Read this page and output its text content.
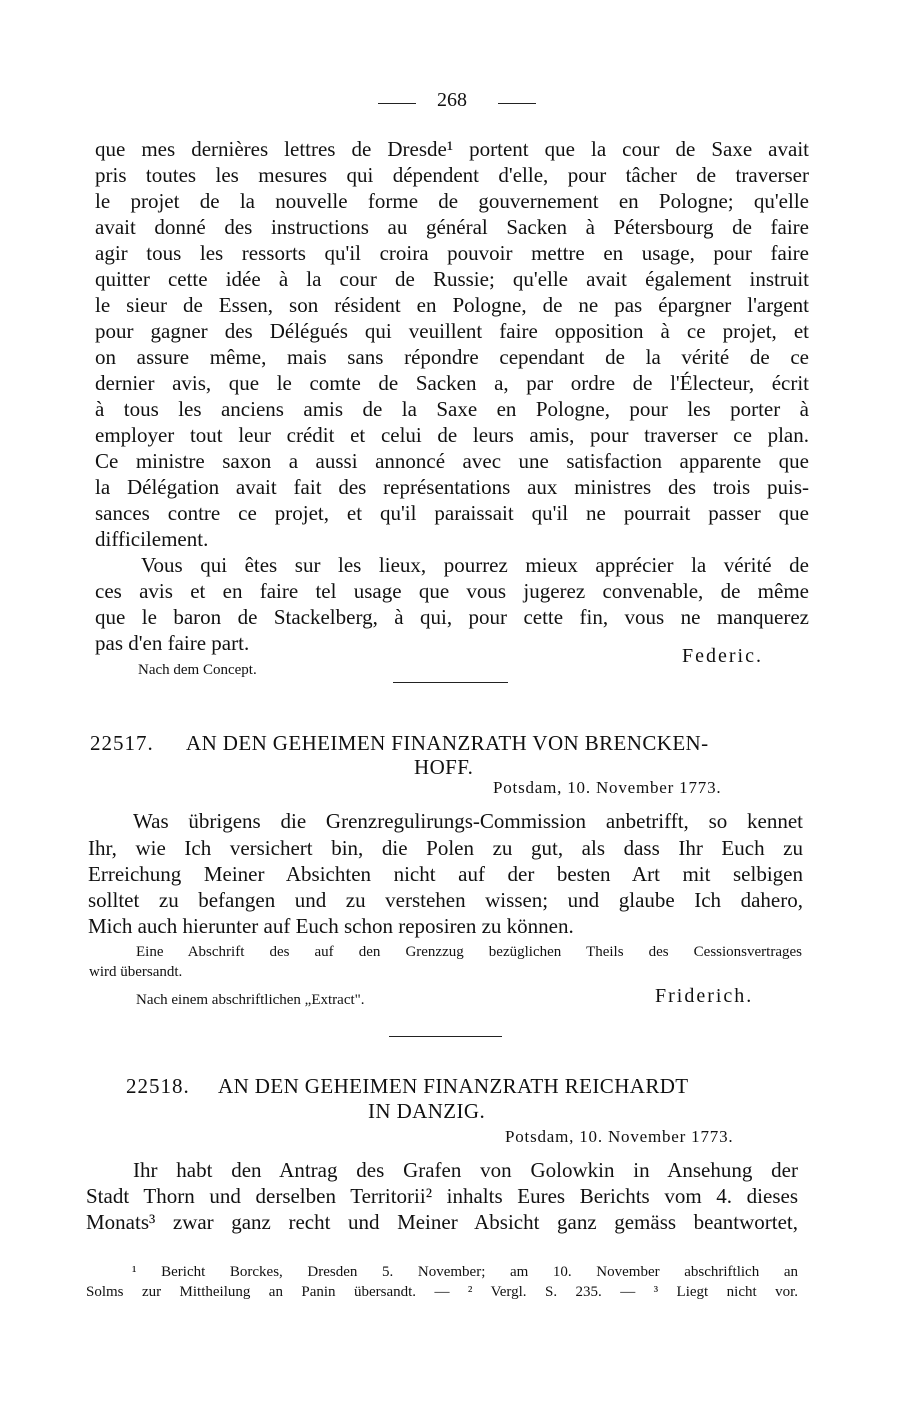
268
que mes dernières lettres de Dresde¹ portent que la cour de Saxe avait
pris toutes les mesures qui dépendent d'elle, pour tâcher de traverser
le projet de la nouvelle forme de gouvernement en Pologne; qu'elle
avait donné des instructions au général Sacken à Pétersbourg de faire
agir tous les ressorts qu'il croira pouvoir mettre en usage, pour faire
quitter cette idée à la cour de Russie; qu'elle avait également instruit
le sieur de Essen, son résident en Pologne, de ne pas épargner l'argent
pour gagner des Délégués qui veuillent faire opposition à ce projet, et
on assure même, mais sans répondre cependant de la vérité de ce
dernier avis, que le comte de Sacken a, par ordre de l'Électeur, écrit
à tous les anciens amis de la Saxe en Pologne, pour les porter à
employer tout leur crédit et celui de leurs amis, pour traverser ce plan.
Ce ministre saxon a aussi annoncé avec une satisfaction apparente que
la Délégation avait fait des représentations aux ministres des trois puis-
sances contre ce projet, et qu'il paraissait qu'il ne pourrait passer que
difficilement.
Vous qui êtes sur les lieux, pourrez mieux apprécier la vérité de
ces avis et en faire tel usage que vous jugerez convenable, de même
que le baron de Stackelberg, à qui, pour cette fin, vous ne manquerez
pas d'en faire part.
Federic.
Nach dem Concept.
22517. AN DEN GEHEIMEN FINANZRATH VON BRENCKEN-
HOFF.
Potsdam, 10. November 1773.
Was übrigens die Grenzregulirungs-Commission anbetrifft, so kennet
Ihr, wie Ich versichert bin, die Polen zu gut, als dass Ihr Euch zu
Erreichung Meiner Absichten nicht auf der besten Art mit selbigen
solltet zu befangen und zu verstehen wissen; und glaube Ich dahero,
Mich auch hierunter auf Euch schon reposiren zu können.
Eine Abschrift des auf den Grenzzug bezüglichen Theils des Cessionsvertrages
wird übersandt.
Nach einem abschriftlichen „Extract".	Friderich.
22518. AN DEN GEHEIMEN FINANZRATH REICHARDT
IN DANZIG.
Potsdam, 10. November 1773.
Ihr habt den Antrag des Grafen von Golowkin in Ansehung der
Stadt Thorn und derselben Territorii² inhalts Eures Berichts vom 4. dieses
Monats³ zwar ganz recht und Meiner Absicht ganz gemäss beantwortet,
¹ Bericht Borckes, Dresden 5. November; am 10. November abschriftlich an
Solms zur Mittheilung an Panin übersandt. — ² Vergl. S. 235. — ³ Liegt nicht vor.
